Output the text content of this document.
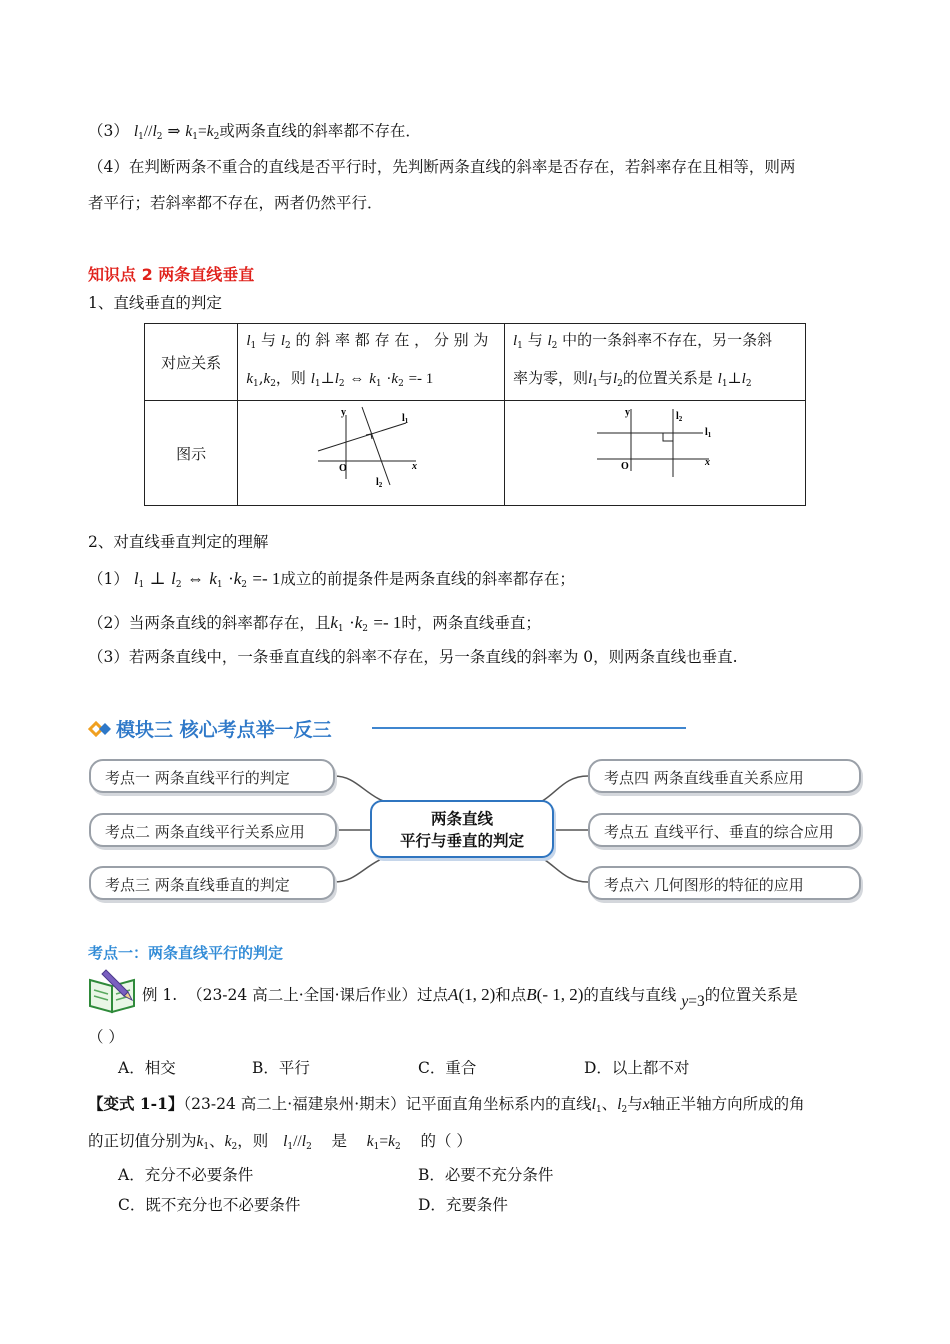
（3） $l_1//l_2$ ⇒ $k_1=k_2$或两条直线的斜率都不存在．
（4）在判断两条不重合的直线是否平行时，先判断两条直线的斜率是否存在，若斜率存在且相等，则两
者平行；若斜率都不存在，两者仍然平行．
知识点 2 两条直线垂直
1、直线垂直的判定
对应关系	$l_1$ 与 $l_2$ 的 斜 率 都 存 在 ， 分 别 为
$k_1,k_2$，则 $l_1\perp l_2$ ⇔ $k_1 \cdot k_2 =- 1$	$l_1$ 与 $l_2$ 中的一条斜率不存在，另一条斜
率为零，则$l_1$与$l_2$的位置关系是 $l_1\perp l_2$
图示	y
O x
$l_1$
$l_2$	y
O x
$l_1$
$l_2$
2、对直线垂直判定的理解
（1） $l_1$ ⊥ $l_2$ ⇔ $k_1 \cdot k_2 =- 1$成立的前提条件是两条直线的斜率都存在；
（2）当两条直线的斜率都存在，且$k_1 \cdot k_2 =- 1$时，两条直线垂直；
（3）若两条直线中，一条垂直直线的斜率不存在，另一条直线的斜率为 0，则两条直线也垂直.
模块三 核心考点举一反三
考点一 两条直线平行的判定
考点二 两条直线平行关系应用
考点三 两条直线垂直的判定
考点四 两条直线垂直关系应用
考点五 直线平行、垂直的综合应用
考点六 几何图形的特征的应用
两条直线
平行与垂直的判定
考点一：两条直线平行的判定
例 1. （23-24 高二上·全国·课后作业）过点A(1, 2)和点B(- 1, 2)的直线与直线 y=3的位置关系是
（ ）
A．相交	B．平行	C．重合	D．以上都不对
【变式 1-1】（23-24 高二上·福建泉州·期末）记平面直角坐标系内的直线$l_1$、$l_2$与x轴正半轴方向所成的角
的正切值分别为$k_1$、$k_2$，则 $l_1//l_2$ 是 $k_1=k_2$ 的（ ）
A．充分不必要条件	B．必要不充分条件
C．既不充分也不必要条件	D．充要条件
